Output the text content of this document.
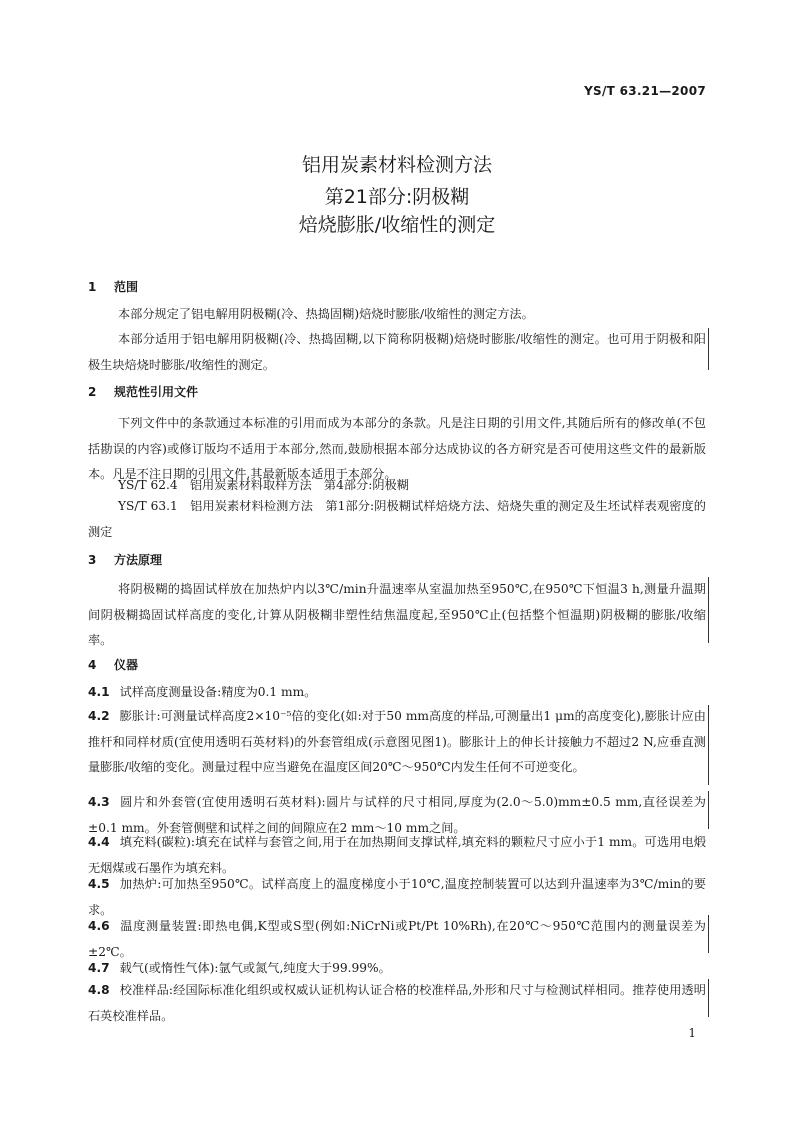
YS/T 63.21—2007
铝用炭素材料检测方法
第21部分:阴极糊
焙烧膨胀/收缩性的测定
1 范围

本部分规定了铝电解用阴极糊(冷、热捣固糊)焙烧时膨胀/收缩性的测定方法。

本部分适用于铝电解用阴极糊(冷、热捣固糊,以下简称阴极糊)焙烧时膨胀/收缩性的测定。也可用于阴极和阳极生块焙烧时膨胀/收缩性的测定。

2 规范性引用文件

下列文件中的条款通过本标准的引用而成为本部分的条款。凡是注日期的引用文件,其随后所有的修改单(不包括勘误的内容)或修订版均不适用于本部分,然而,鼓励根据本部分达成协议的各方研究是否可使用这些文件的最新版本。凡是不注日期的引用文件,其最新版本适用于本部分。

YS/T 62.4　铝用炭素材料取样方法　第4部分:阴极糊

YS/T 63.1　铝用炭素材料检测方法　第1部分:阴极糊试样焙烧方法、焙烧失重的测定及生坯试样表观密度的测定

3 方法原理

将阴极糊的捣固试样放在加热炉内以3℃/min升温速率从室温加热至950℃,在950℃下恒温3 h,测量升温期间阴极糊捣固试样高度的变化,计算从阴极糊非塑性结焦温度起,至950℃止(包括整个恒温期)阴极糊的膨胀/收缩率。

4 仪器

4.1 试样高度测量设备:精度为0.1 mm。

4.2 膨胀计:可测量试样高度2×10⁻⁵倍的变化(如:对于50 mm高度的样品,可测量出1 μm的高度变化),膨胀计应由推杆和同样材质(宜使用透明石英材料)的外套管组成(示意图见图1)。膨胀计上的伸长计接触力不超过2 N,应垂直测量膨胀/收缩的变化。测量过程中应当避免在温度区间20℃～950℃内发生任何不可逆变化。

4.3 圆片和外套管(宜使用透明石英材料):圆片与试样的尺寸相同,厚度为(2.0～5.0)mm±0.5 mm,直径误差为±0.1 mm。外套管侧壁和试样之间的间隙应在2 mm～10 mm之间。

4.4 填充料(碳粒):填充在试样与套管之间,用于在加热期间支撑试样,填充料的颗粒尺寸应小于1 mm。可选用电煅无烟煤或石墨作为填充料。

4.5 加热炉:可加热至950℃。试样高度上的温度梯度小于10℃,温度控制装置可以达到升温速率为3℃/min的要求。

4.6 温度测量装置:即热电偶,K型或S型(例如:NiCrNi或Pt/Pt 10%Rh),在20℃～950℃范围内的测量误差为±2℃。

4.7 载气(或惰性气体):氩气或氮气,纯度大于99.99%。

4.8 校准样品:经国际标准化组织或权威认证机构认证合格的校准样品,外形和尺寸与检测试样相同。推荐使用透明石英校准样品。

1
